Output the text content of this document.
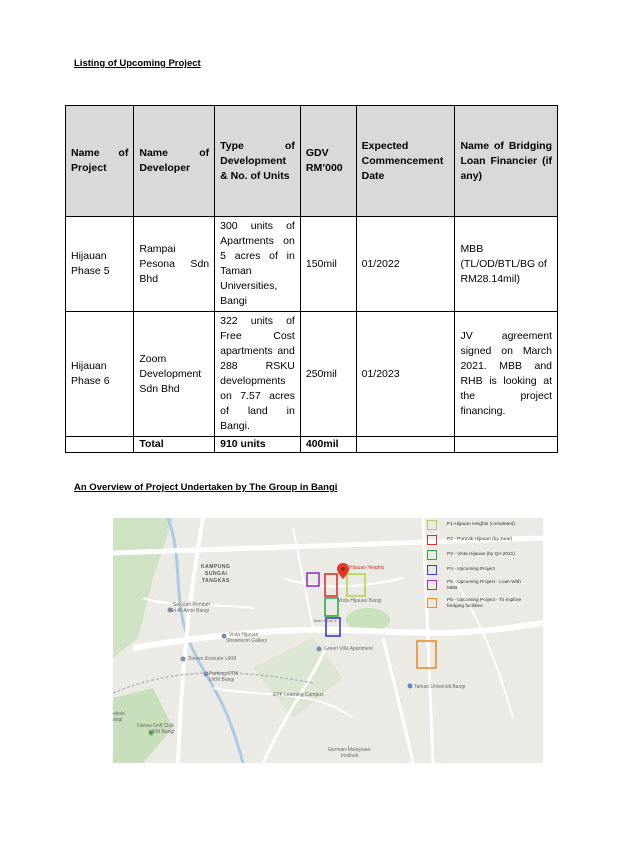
Listing of Upcoming Project
Name of Project	Name of Developer	Type of Development & No. of Units	GDV RM’000	Expected Commencement Date	Name of Bridging Loan Financier (if any)
Hijauan Phase 5	Rampai Pesona Sdn Bhd	300 units of Apartments on 5 acres of in Taman Universities, Bangi	150mil	01/2022	MBB (TL/OD/BTL/BG of RM28.14mil)
Hijauan Phase 6	Zoom Development Sdn Bhd	322 units of Free Cost apartments and 288 RSKU developments on 7.57 acres of land in Bangi.	250mil	01/2023	JV agreement signed on March 2021. MBB and RHB is looking at the project financing.
	Total	910 units	400mil		
An Overview of Project Undertaken by The Group in Bangi
KAMPUNG
SUNGAI
TANGKAS
Hijauan Heights
Vista Hijauan Bangi
Sekolah Rendah
Sri Al-Amin Bangi
Vista Hijauan
Showroom Gallery
Jalan Perai 3
Green Villa Apartment
Stesen Komuter UKM
Parking KTM
UKM Bangi
EPF Learning Campus
Taman Universiti Bangi
Danau Golf Club
UKM Bangi
German-Malaysian
Institute
ekolo
angi
P1-Hijauan Heights (completed)
P2 - Puncak Hijauan (by June)
P3 - Vista Hijauan (by QA 2021)
P4 - Upcoming Project
P5 - Upcoming Project - Loan With MBB
P6 - Upcoming Project - To explore bridging facilities
